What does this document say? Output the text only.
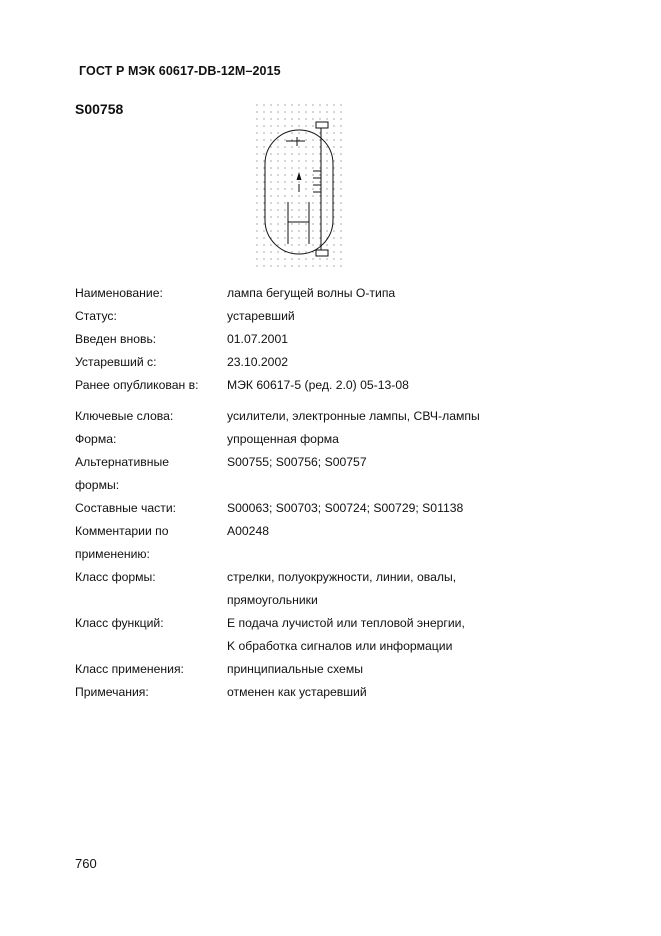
ГОСТ Р МЭК 60617-DB-12M–2015
S00758
Наименование:	лампа бегущей волны О-типа
Статус:	устаревший
Введен вновь:	01.07.2001
Устаревший с:	23.10.2002
Ранее опубликован в:	МЭК 60617-5 (ред. 2.0) 05-13-08
Ключевые слова:	усилители, электронные лампы, СВЧ-лампы
Форма:	упрощенная форма
Альтернативные
формы:
S00755; S00756; S00757
Составные части:	S00063; S00703; S00724; S00729; S01138
Комментарии по
применению:
A00248
Класс формы:	стрелки, полуокружности, линии, овалы,
прямоугольники
Класс функций:	E подача лучистой или тепловой энергии,
K обработка сигналов или информации
Класс применения:	принципиальные схемы
Примечания:	отменен как устаревший
760
